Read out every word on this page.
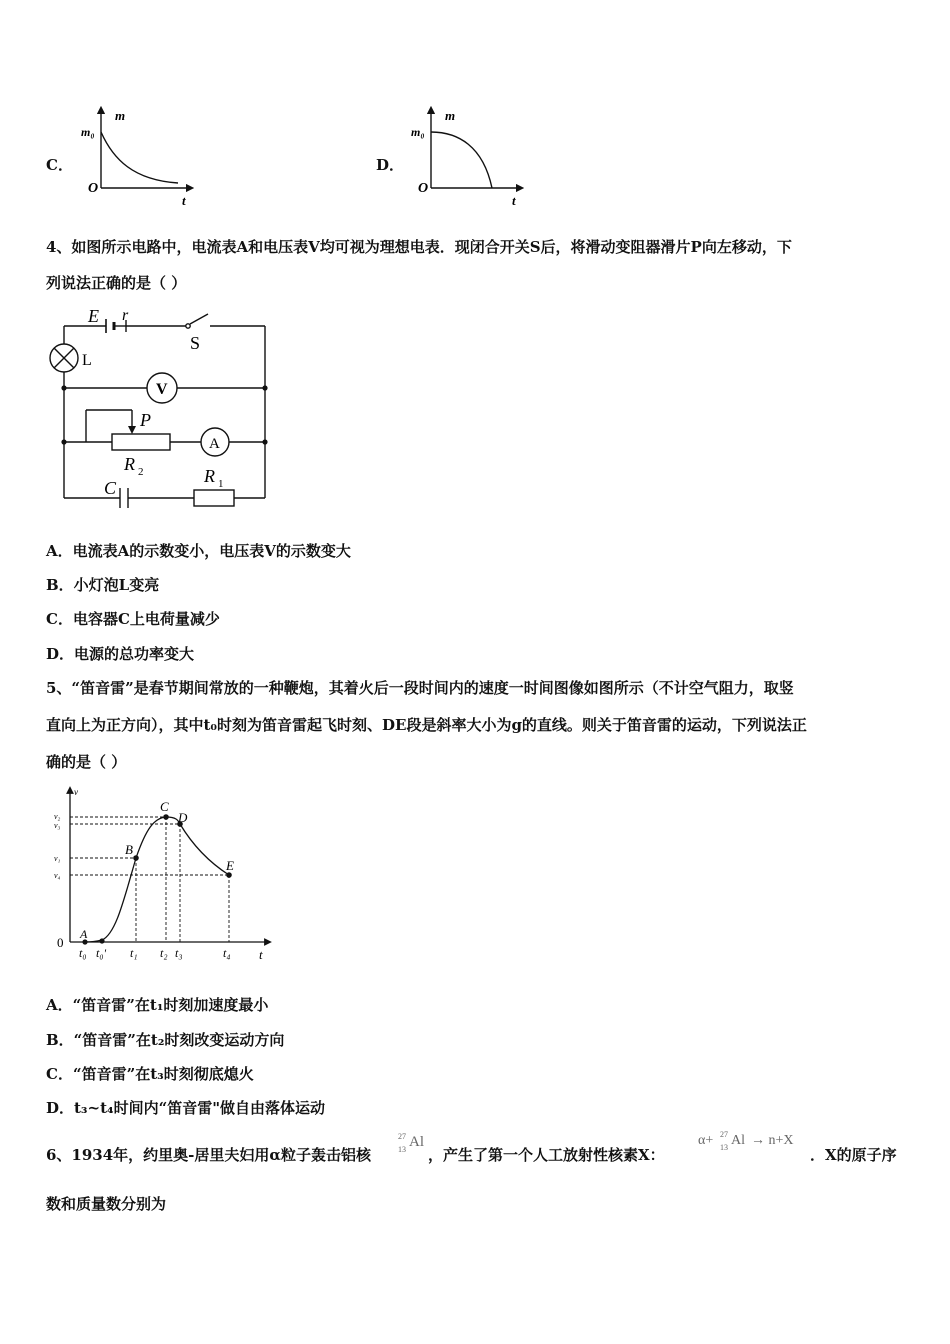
C．
m
m₀
O
t
D．
m
m₀
O
t
4、如图所示电路中，电流表A和电压表V均可视为理想电表．现闭合开关S后，将滑动变阻器滑片P向左移动，下
列说法正确的是（ ）
E r
S
L
V
P
A
R 2	R 1
C
A．电流表A的示数变小，电压表V的示数变大
B．小灯泡L变亮
C．电容器C上电荷量减少
D．电源的总功率变大
5、“笛音雷”是春节期间常放的一种鞭炮，其着火后一段时间内的速度一时间图像如图所示（不计空气阻力，取竖
直向上为正方向），其中t₀时刻为笛音雷起飞时刻、DE段是斜率大小为g的直线。则关于笛音雷的运动，下列说法正
确的是（ ）
v
t
0
A
B
C
D
E
v₂
v₃
v₁
v₄
t₀ t₀' t₁ t₂ t₃	t₄
A．“笛音雷”在t₁时刻加速度最小
B．“笛音雷”在t₂时刻改变运动方向
C．“笛音雷”在t₃时刻彻底熄火
D．t₃~t₄时间内“笛音雷"做自由落体运动
6、1934年，约里奥-居里夫妇用α粒子轰击铝核
27
13 Al
，产生了第一个人工放射性核素X：
α+ 27
13 Al → n+X
．X的原子序
数和质量数分别为
